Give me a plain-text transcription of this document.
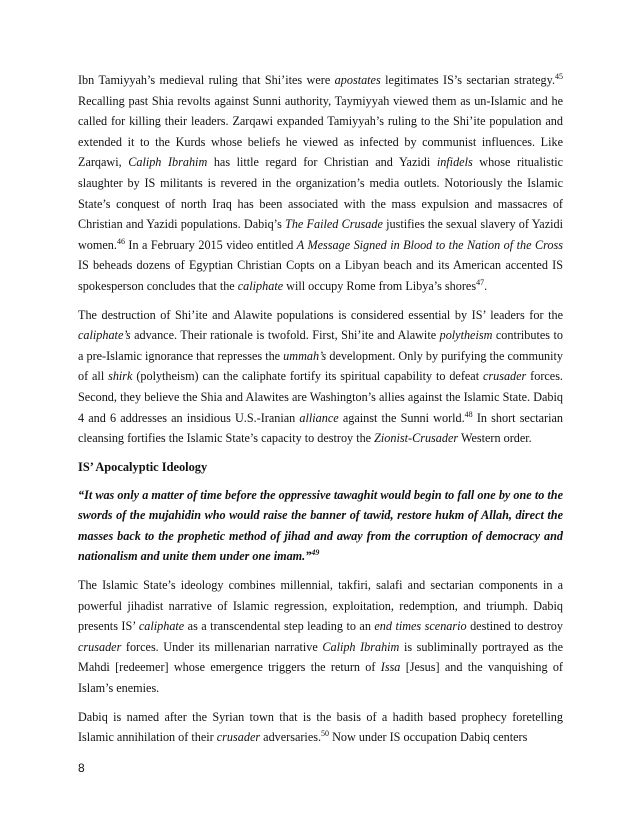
Ibn Tamiyyah’s medieval ruling that Shi’ites were apostates legitimates IS’s sectarian strategy.$^{45}$ Recalling past Shia revolts against Sunni authority, Taymiyyah viewed them as un-Islamic and he called for killing their leaders. Zarqawi expanded Tamiyyah’s ruling to the Shi’ite population and extended it to the Kurds whose beliefs he viewed as infected by communist influences. Like Zarqawi, Caliph Ibrahim has little regard for Christian and Yazidi infidels whose ritualistic slaughter by IS militants is revered in the organization’s media outlets. Notoriously the Islamic State’s conquest of north Iraq has been associated with the mass expulsion and massacres of Christian and Yazidi populations. Dabiq’s The Failed Crusade justifies the sexual slavery of Yazidi women.$^{46}$ In a February 2015 video entitled A Message Signed in Blood to the Nation of the Cross IS beheads dozens of Egyptian Christian Copts on a Libyan beach and its American accented IS spokesperson concludes that the caliphate will occupy Rome from Libya’s shores$^{47}$.

The destruction of Shi’ite and Alawite populations is considered essential by IS’ leaders for the caliphate’s advance. Their rationale is twofold. First, Shi’ite and Alawite polytheism contributes to a pre-Islamic ignorance that represses the ummah’s development. Only by purifying the community of all shirk (polytheism) can the caliphate fortify its spiritual capability to defeat crusader forces. Second, they believe the Shia and Alawites are Washington’s allies against the Islamic State. Dabiq 4 and 6 addresses an insidious U.S.-Iranian alliance against the Sunni world.$^{48}$ In short sectarian cleansing fortifies the Islamic State’s capacity to destroy the Zionist-Crusader Western order.

IS’ Apocalyptic Ideology

“It was only a matter of time before the oppressive tawaghit would begin to fall one by one to the swords of the mujahidin who would raise the banner of tawid, restore hukm of Allah, direct the masses back to the prophetic method of jihad and away from the corruption of democracy and nationalism and unite them under one imam.”$^{49}$

The Islamic State’s ideology combines millennial, takfiri, salafi and sectarian components in a powerful jihadist narrative of Islamic regression, exploitation, redemption, and triumph. Dabiq presents IS’ caliphate as a transcendental step leading to an end times scenario destined to destroy crusader forces. Under its millenarian narrative Caliph Ibrahim is subliminally portrayed as the Mahdi [redeemer] whose emergence triggers the return of Issa [Jesus] and the vanquishing of Islam’s enemies.

Dabiq is named after the Syrian town that is the basis of a hadith based prophecy foretelling Islamic annihilation of their crusader adversaries.$^{50}$ Now under IS occupation Dabiq centers

8
